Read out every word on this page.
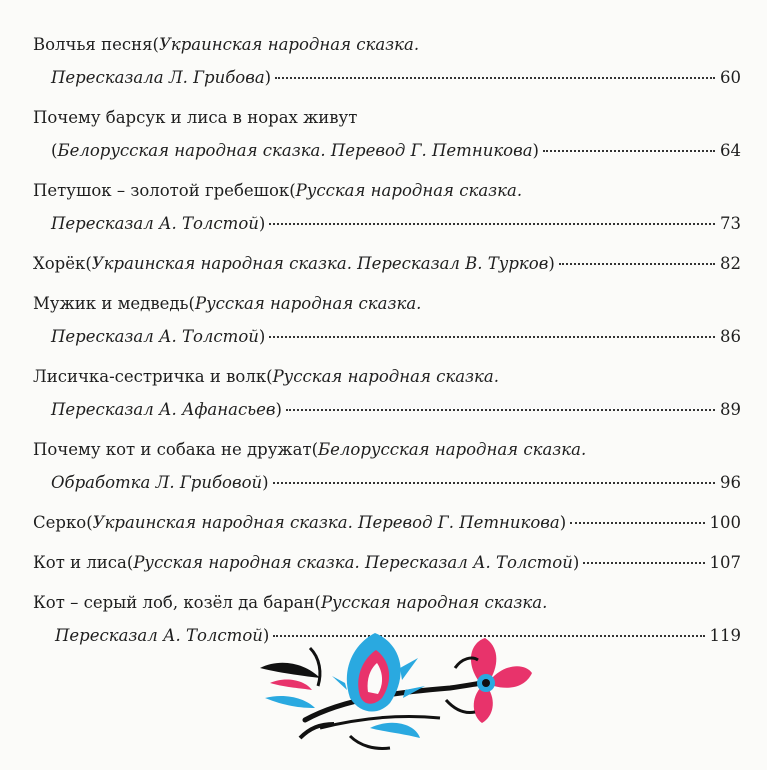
Волчья песня ( Украинская народная сказка.
Пересказала Л. Грибова )	60
Почему барсук и лиса в норах живут
( Белорусская народная сказка. Перевод Г. Петникова )	64
Петушок – золотой гребешок ( Русская народная сказка.
Пересказал А. Толстой )	73
Хорёк ( Украинская народная сказка. Пересказал В. Турков )	82
Мужик и медведь ( Русская народная сказка.
Пересказал А. Толстой )	86
Лисичка-сестричка и волк ( Русская народная сказка.
Пересказал А. Афанасьев )	89
Почему кот и собака не дружат ( Белорусская народная сказка.
Обработка Л. Грибовой )	96
Серко ( Украинская народная сказка. Перевод Г. Петникова )	100
Кот и лиса ( Русская народная сказка. Пересказал А. Толстой )	107
Кот – серый лоб, козёл да баран ( Русская народная сказка.
Пересказал А. Толстой )	119
